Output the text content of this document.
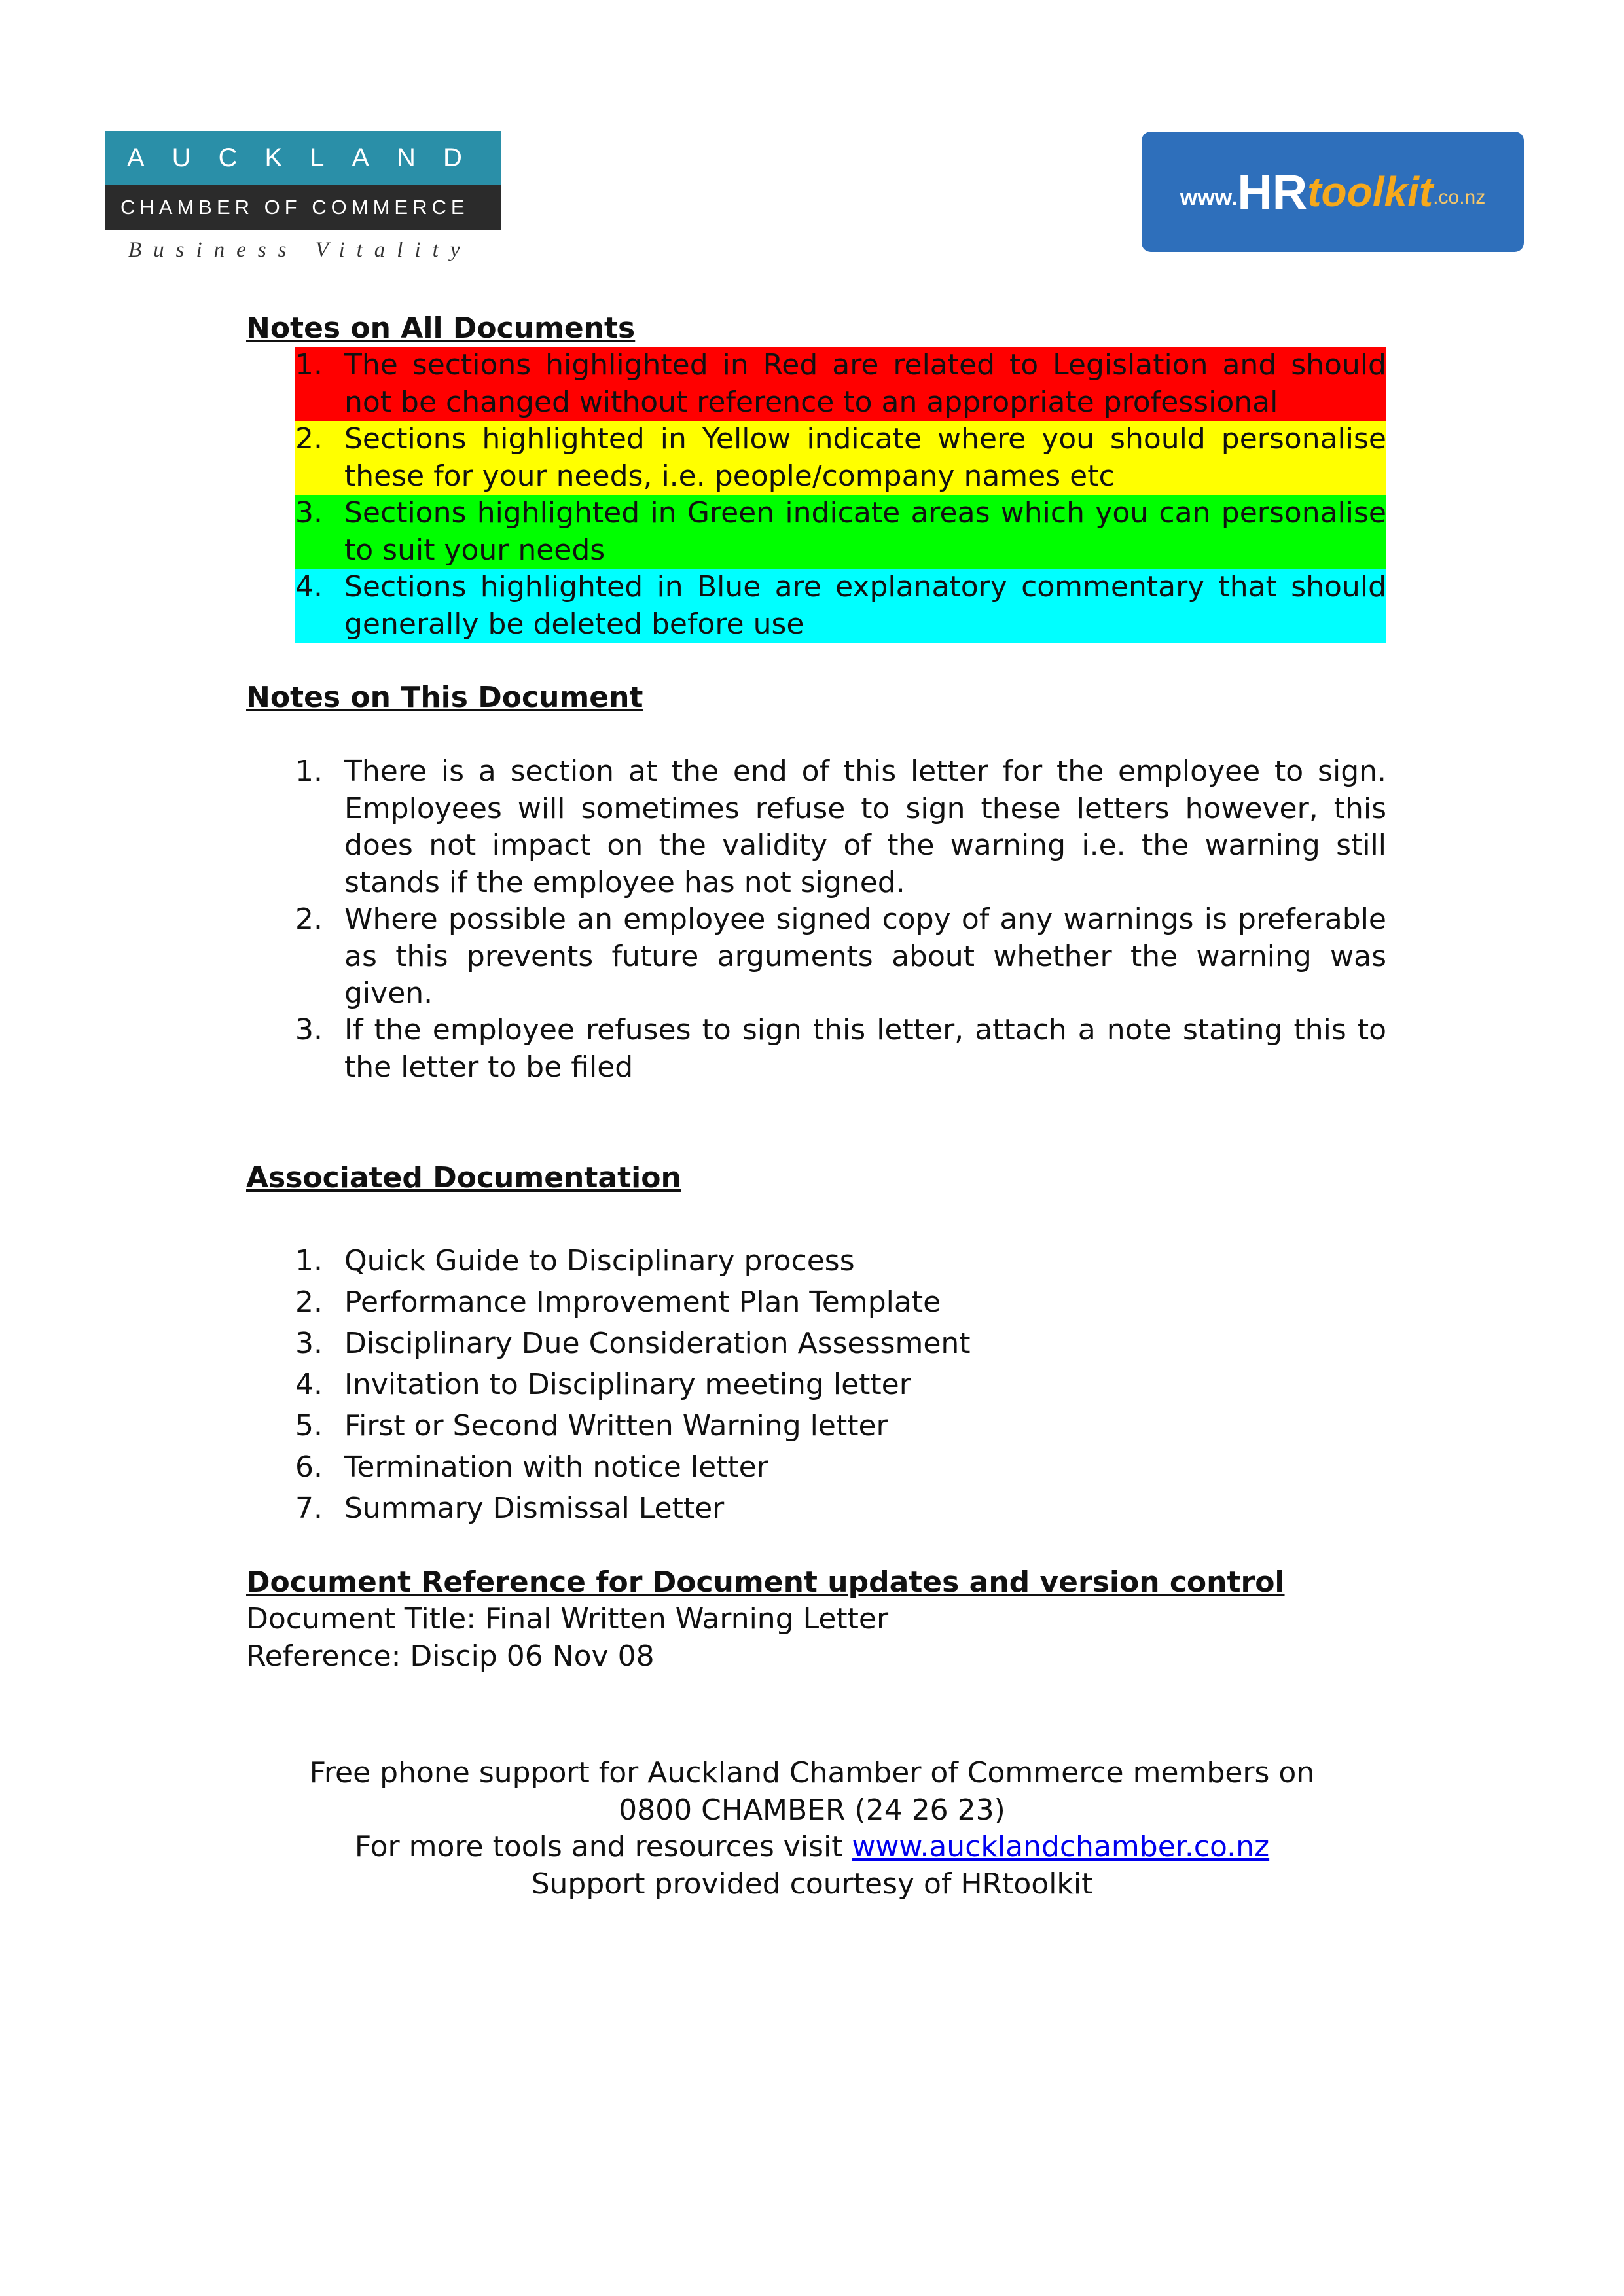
AUCKLAND
CHAMBER OF COMMERCE
Business Vitality
www. HR toolkit .co.nz
Notes on All Documents
1. The sections highlighted in Red are related to Legislation and should not be changed without reference to an appropriate professional
2. Sections highlighted in Yellow indicate where you should personalise these for your needs, i.e. people/company names etc
3. Sections highlighted in Green indicate areas which you can personalise to suit your needs
4. Sections highlighted in Blue are explanatory commentary that should generally be deleted before use
Notes on This Document
1. There is a section at the end of this letter for the employee to sign. Employees will sometimes refuse to sign these letters however, this does not impact on the validity of the warning i.e. the warning still stands if the employee has not signed.
2. Where possible an employee signed copy of any warnings is preferable as this prevents future arguments about whether the warning was given.
3. If the employee refuses to sign this letter, attach a note stating this to the letter to be filed
Associated Documentation
1. Quick Guide to Disciplinary process
2. Performance Improvement Plan Template
3. Disciplinary Due Consideration Assessment
4. Invitation to Disciplinary meeting letter
5. First or Second Written Warning letter
6. Termination with notice letter
7. Summary Dismissal Letter
Document Reference for Document updates and version control
Document Title: Final Written Warning Letter
Reference: Discip 06 Nov 08
Free phone support for Auckland Chamber of Commerce members on
0800 CHAMBER (24 26 23)
For more tools and resources visit www.aucklandchamber.co.nz
Support provided courtesy of HRtoolkit
